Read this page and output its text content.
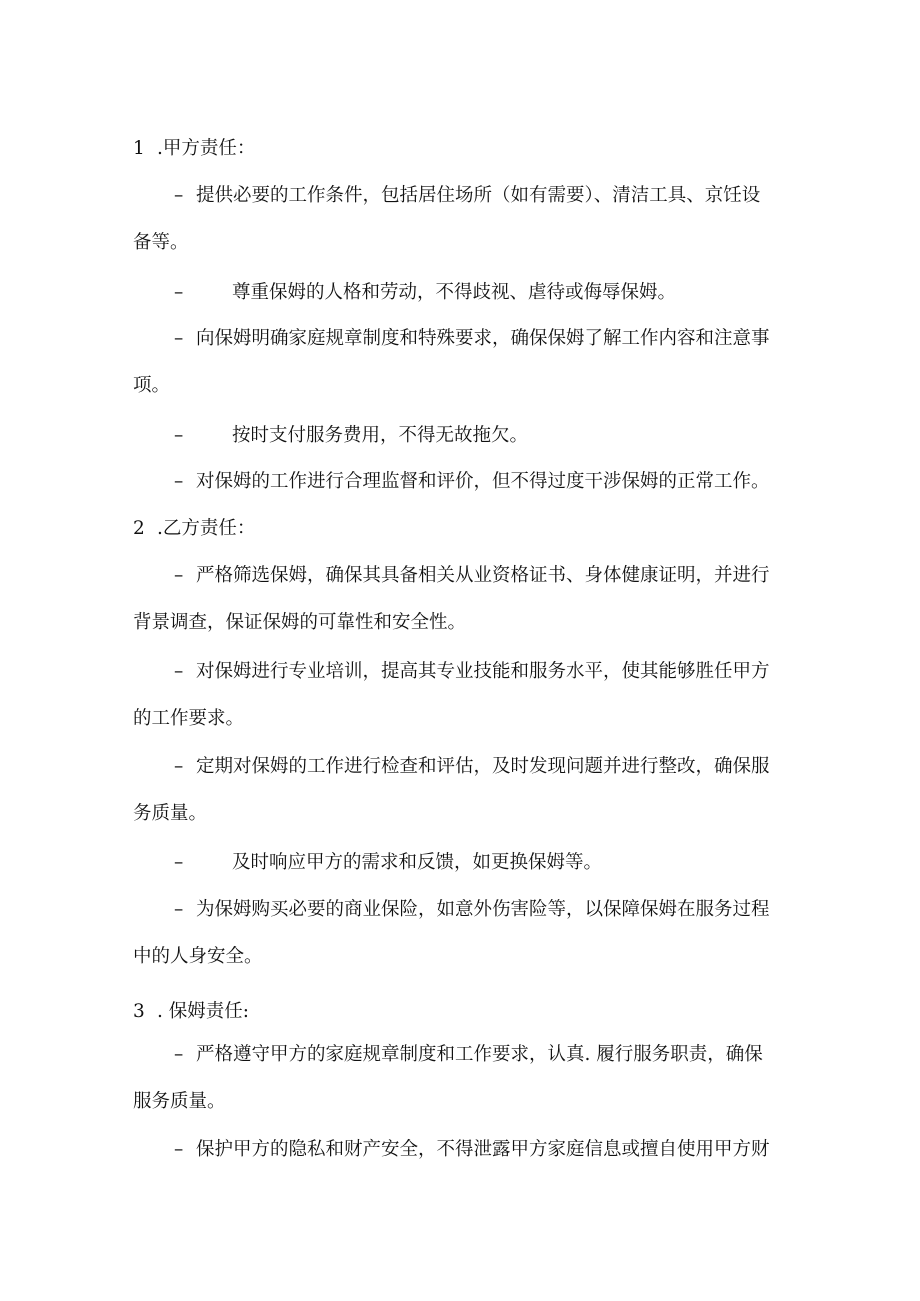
1 .甲方责任：
– 提供必要的工作条件，包括居住场所（如有需要）、清洁工具、京饪设
备等。
–	尊重保姆的人格和劳动，不得歧视、虐待或侮辱保姆。
– 向保姆明确家庭规章制度和特殊要求，确保保姆了解工作内容和注意事
项。
–	按时支付服务费用，不得无故拖欠。
– 对保姆的工作进行合理监督和评价，但不得过度干涉保姆的正常工作。
2 .乙方责任：
– 严格筛选保姆，确保其具备相关从业资格证书、身体健康证明，并进行
背景调查，保证保姆的可靠性和安全性。
– 对保姆进行专业培训，提高其专业技能和服务水平，使其能够胜任甲方
的工作要求。
– 定期对保姆的工作进行检查和评估，及时发现问题并进行整改，确保服
务质量。
–	及时响应甲方的需求和反馈，如更换保姆等。
– 为保姆购买必要的商业保险，如意外伤害险等，以保障保姆在服务过程
中的人身安全。
3 . 保姆责任:
– 严格遵守甲方的家庭规章制度和工作要求，认真. 履行服务职责，确保
服务质量。
– 保护甲方的隐私和财产安全，不得泄露甲方家庭信息或擅自使用甲方财
